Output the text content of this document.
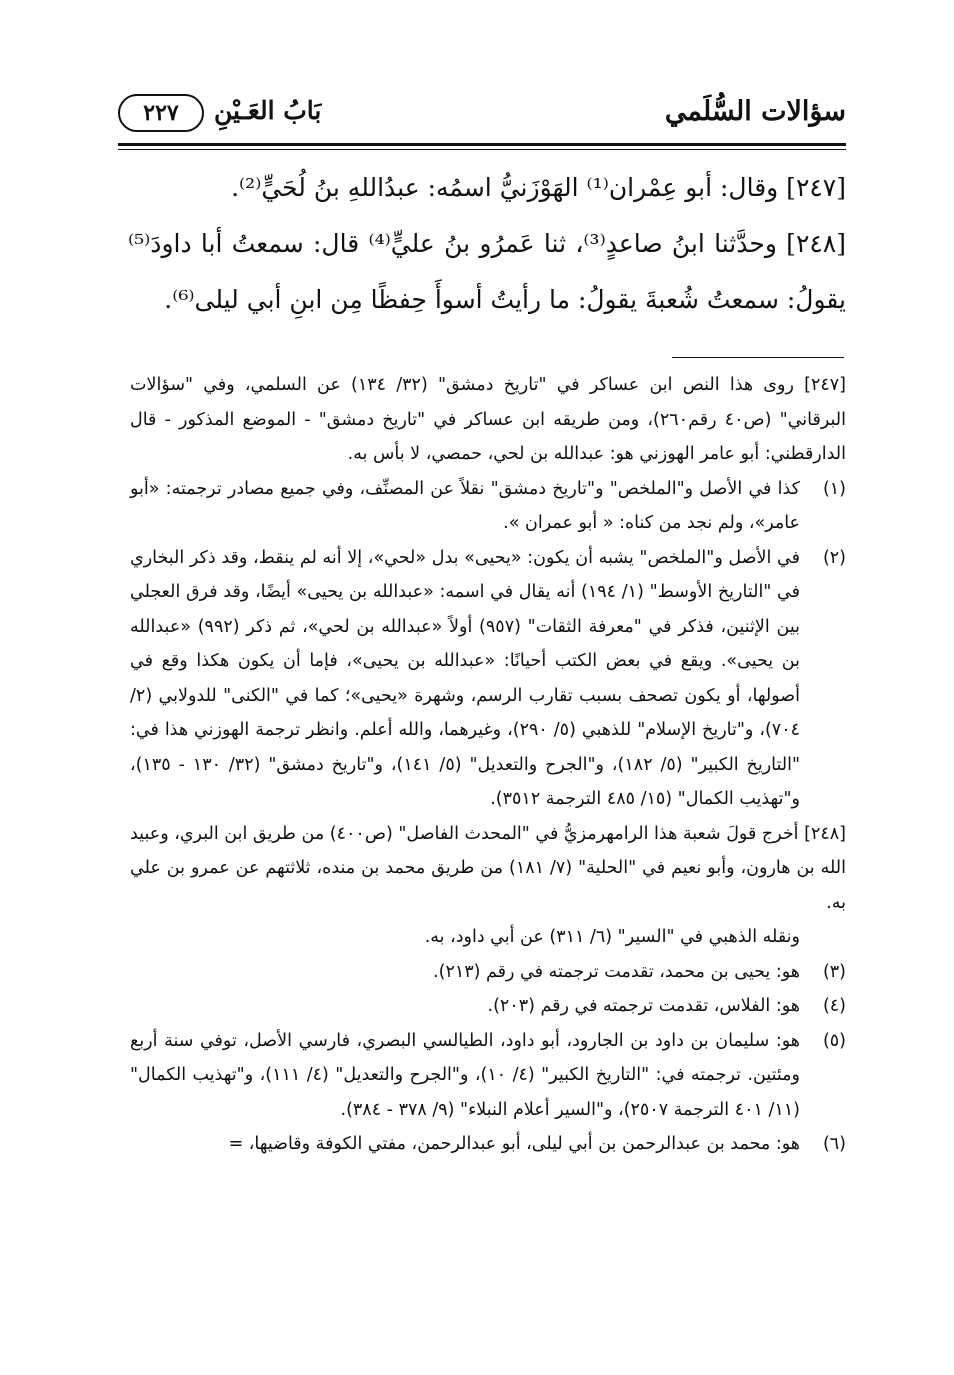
سؤالات السُّلَمي
بَابُ العَـيْنِ
٢٢٧

[٢٤٧] وقال: أبو عِمْران⁽¹⁾ الهَوْزَنيُّ اسمُه: عبدُاللهِ بنُ لُحَيٍّ⁽²⁾.

[٢٤٨] وحدَّثنا ابنُ صاعدٍ⁽³⁾، ثنا عَمرُو بنُ عليٍّ⁽⁴⁾ قال: سمعتُ أبا داودَ⁽⁵⁾ يقولُ: سمعتُ شُعبةَ يقولُ: ما رأيتُ أسوأَ حِفظًا مِن ابنِ أبي ليلى⁽⁶⁾.

[٢٤٧] روى هذا النص ابن عساكر في "تاريخ دمشق" (٣٢/ ١٣٤) عن السلمي، وفي "سؤالات البرقاني" (ص٤٠ رقم٢٦٠)، ومن طريقه ابن عساكر في "تاريخ دمشق" - الموضع المذكور - قال الدارقطني: أبو عامر الهوزني هو: عبدالله بن لحي، حمصي، لا بأس به.

(١)
كذا في الأصل و"الملخص" و"تاريخ دمشق" نقلاً عن المصنِّف، وفي جميع مصادر ترجمته: «أبو عامر»، ولم نجد من كناه: « أبو عمران ».

(٢)
في الأصل و"الملخص" يشبه أن يكون: «يحيى» بدل «لحي»، إلا أنه لم ينقط، وقد ذكر البخاري في "التاريخ الأوسط" (١/ ١٩٤) أنه يقال في اسمه: «عبدالله بن يحيى» أيضًا، وقد فرق العجلي بين الإثنين، فذكر في "معرفة الثقات" (٩٥٧) أولاً «عبدالله بن لحي»، ثم ذكر (٩٩٢) «عبدالله بن يحيى». ويقع في بعض الكتب أحيانًا: «عبدالله بن يحيى»، فإما أن يكون هكذا وقع في أصولها، أو يكون تصحف بسبب تقارب الرسم، وشهرة «يحيى»؛ كما في "الكنى" للدولابي (٢/ ٧٠٤)، و"تاريخ الإسلام" للذهبي (٥/ ٢٩٠)، وغيرهما، والله أعلم. وانظر ترجمة الهوزني هذا في: "التاريخ الكبير" (٥/ ١٨٢)، و"الجرح والتعديل" (٥/ ١٤١)، و"تاريخ دمشق" (٣٢/ ١٣٠ - ١٣٥)، و"تهذيب الكمال" (١٥/ ٤٨٥ الترجمة ٣٥١٢).

[٢٤٨] أخرج قولَ شعبة هذا الرامهرمزيُّ في "المحدث الفاصل" (ص٤٠٠) من طريق ابن البري، وعبيد الله بن هارون، وأبو نعيم في "الحلية" (٧/ ١٨١) من طريق محمد بن منده، ثلاثتهم عن عمرو بن علي به.

ونقله الذهبي في "السير" (٦/ ٣١١) عن أبي داود، به.

(٣)
هو: يحيى بن محمد، تقدمت ترجمته في رقم (٢١٣).

(٤)
هو: الفلاس، تقدمت ترجمته في رقم (٢٠٣).

(٥)
هو: سليمان بن داود بن الجارود، أبو داود، الطيالسي البصري، فارسي الأصل، توفي سنة أربع ومئتين. ترجمته في: "التاريخ الكبير" (٤/ ١٠)، و"الجرح والتعديل" (٤/ ١١١)، و"تهذيب الكمال" (١١/ ٤٠١ الترجمة ٢٥٠٧)، و"السير أعلام النبلاء" (٩/ ٣٧٨ - ٣٨٤).

(٦)
هو: محمد بن عبدالرحمن بن أبي ليلى، أبو عبدالرحمن، مفتي الكوفة وقاضيها، =
